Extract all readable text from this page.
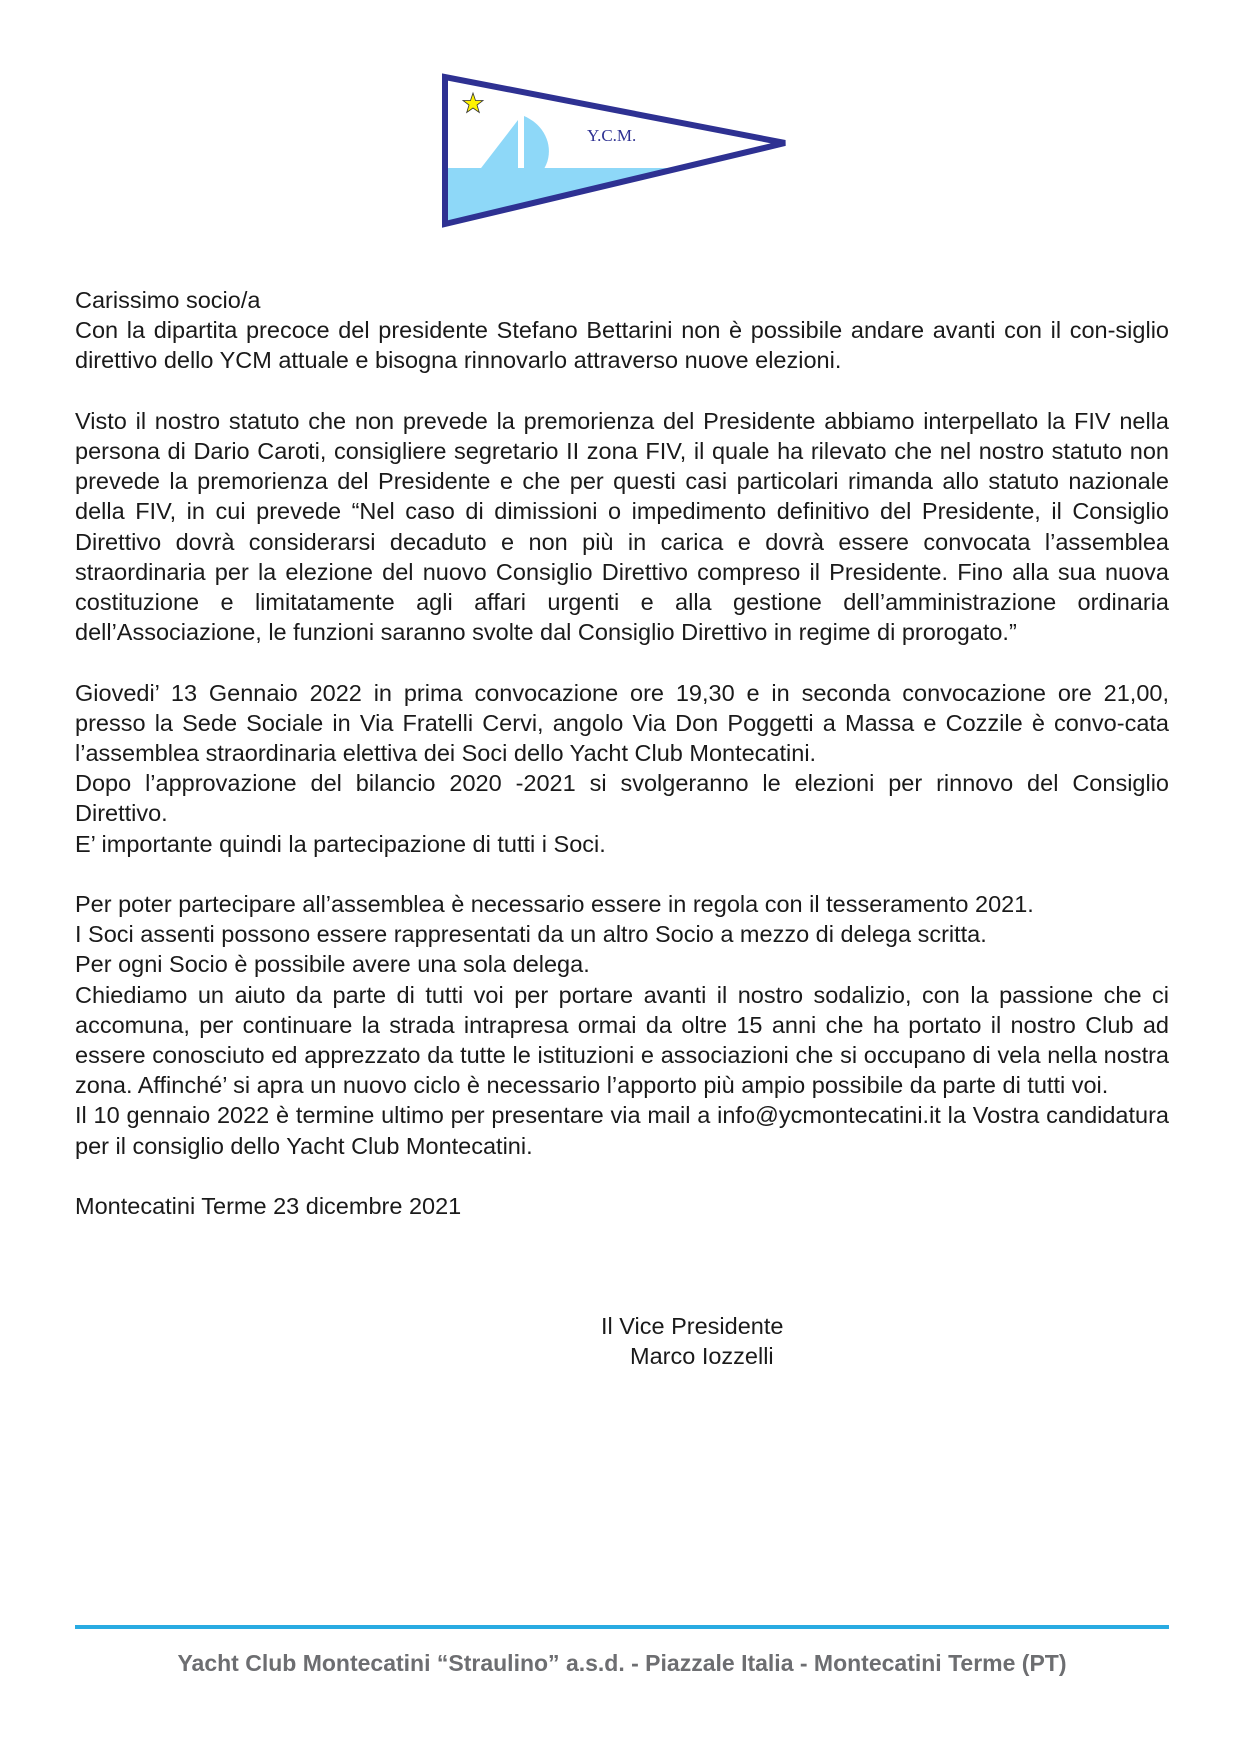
Y.C.M.

Carissimo socio/a

Con la dipartita precoce del presidente Stefano Bettarini non è possibile andare avanti con il con-siglio direttivo dello YCM attuale e bisogna rinnovarlo attraverso nuove elezioni.

Visto il nostro statuto che non prevede la premorienza del Presidente abbiamo interpellato la FIV nella persona di Dario Caroti, consigliere segretario II zona FIV, il quale ha rilevato che nel nostro statuto non prevede la premorienza del Presidente e che per questi casi particolari rimanda allo statuto nazionale della FIV, in cui prevede “Nel caso di dimissioni o impedimento definitivo del Presidente, il Consiglio Direttivo dovrà considerarsi decaduto e non più in carica e dovrà essere convocata l’assemblea straordinaria per la elezione del nuovo Consiglio Direttivo compreso il Presidente. Fino alla sua nuova costituzione e limitatamente agli affari urgenti e alla gestione dell’amministrazione ordinaria dell’Associazione, le funzioni saranno svolte dal Consiglio Direttivo in regime di prorogato.”

Giovedi’ 13 Gennaio 2022 in prima convocazione ore 19,30 e in seconda convocazione ore 21,00, presso la Sede Sociale in Via Fratelli Cervi, angolo Via Don Poggetti a Massa e Cozzile è convo-cata l’assemblea straordinaria elettiva dei Soci dello Yacht Club Montecatini.

Dopo l’approvazione del bilancio 2020 -2021 si svolgeranno le elezioni per rinnovo del Consiglio Direttivo.

E’ importante quindi la partecipazione di tutti i Soci.

Per poter partecipare all’assemblea è necessario essere in regola con il tesseramento 2021.

I Soci assenti possono essere rappresentati da un altro Socio a mezzo di delega scritta.

Per ogni Socio è possibile avere una sola delega.

Chiediamo un aiuto da parte di tutti voi per portare avanti il nostro sodalizio, con la passione che ci accomuna, per continuare la strada intrapresa ormai da oltre 15 anni che ha portato il nostro Club ad essere conosciuto ed apprezzato da tutte le istituzioni e associazioni che si occupano di vela nella nostra zona. Affinché’ si apra un nuovo ciclo è necessario l’apporto più ampio possibile da parte di tutti voi.

Il 10 gennaio 2022 è termine ultimo per presentare via mail a info@ycmontecatini.it la Vostra candidatura per il consiglio dello Yacht Club Montecatini.

Montecatini Terme 23 dicembre 2021

Il Vice Presidente
Marco Iozzelli
Yacht Club Montecatini “Straulino” a.s.d. - Piazzale Italia - Montecatini Terme (PT)
